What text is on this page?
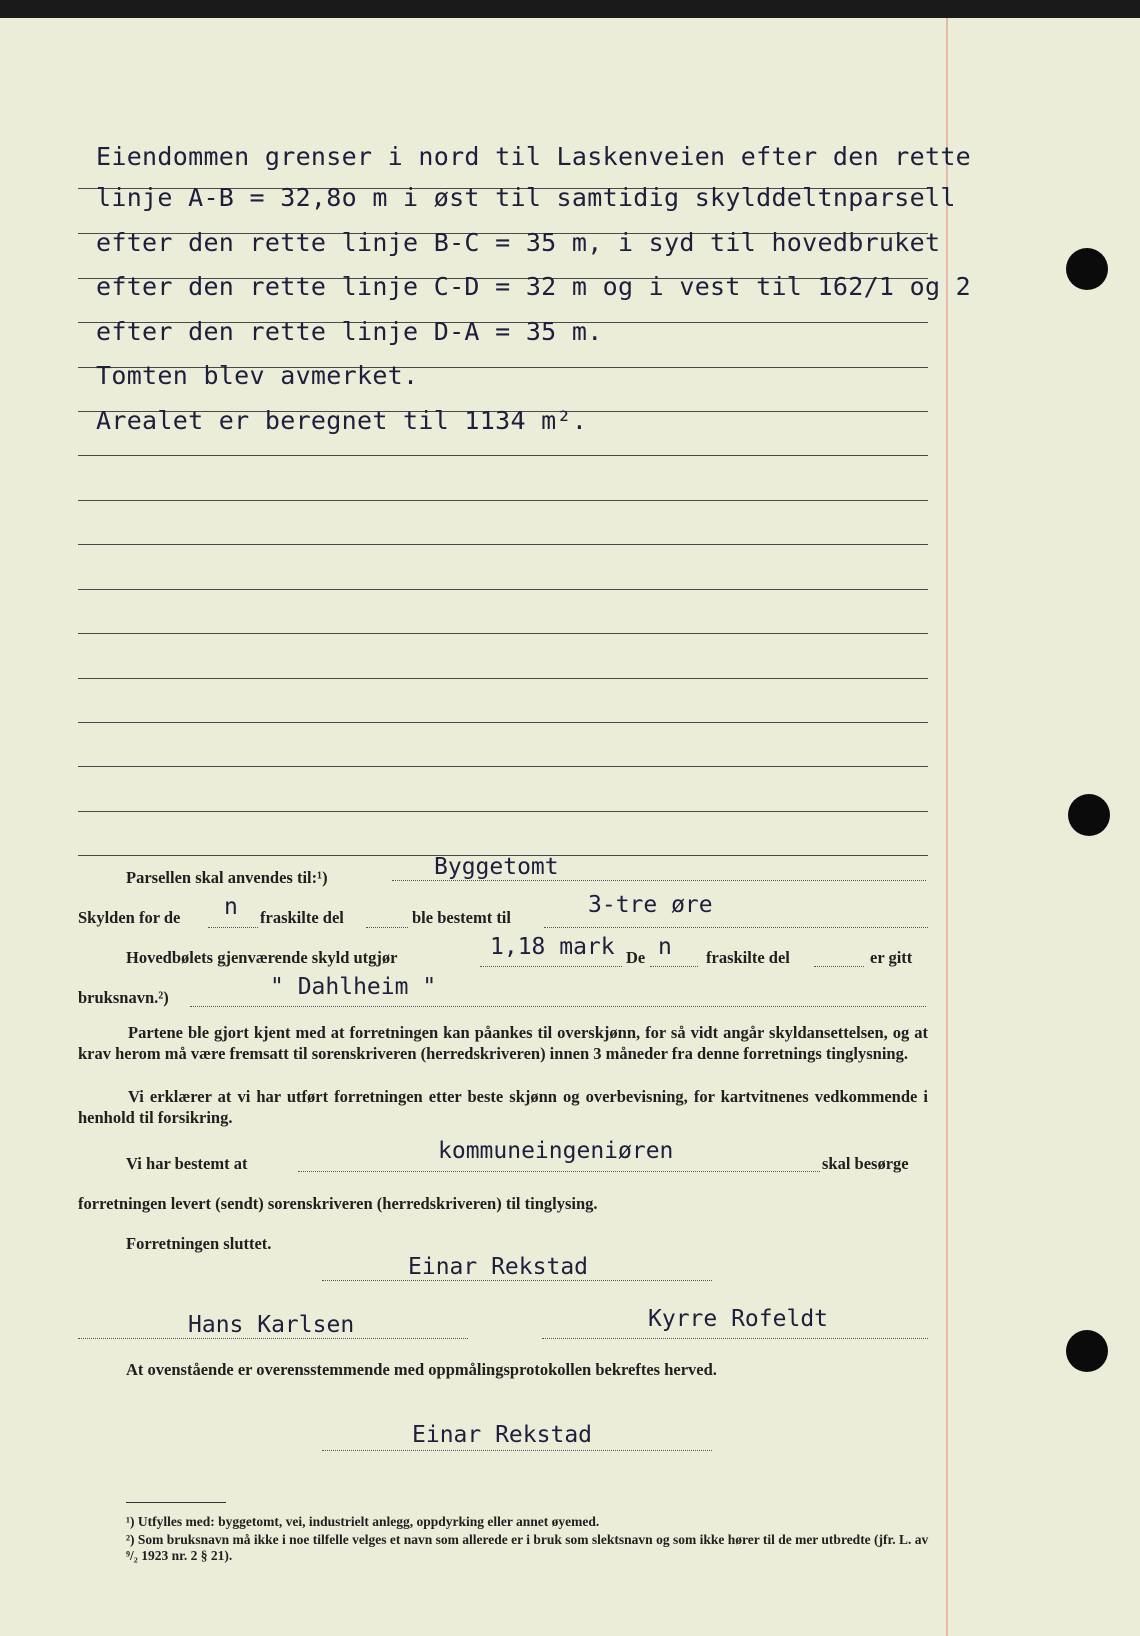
Eiendommen grenser i nord til Laskenveien efter den rette
linje A-B = 32,8o m i øst til samtidig skylddeltnparsell
efter den rette linje B-C = 35 m, i syd til hovedbruket
efter den rette linje C-D = 32 m og i vest til 162/1 og 2
efter den rette linje D-A = 35 m.
Tomten blev avmerket.
Arealet er beregnet til 1134 m².
Parsellen skal anvendes til:¹)	Byggetomt
Skylden for de n fraskilte del	ble bestemt til	3-tre øre
Hovedbølets gjenværende skyld utgjør	1,18 mark De n fraskilte del	er gitt
bruksnavn.²)	" Dahlheim "
Partene ble gjort kjent med at forretningen kan påankes til overskjønn, for så vidt angår skyldansettelsen, og at krav herom må være fremsatt til sorenskriveren (herredskriveren) innen 3 måneder fra denne forretnings tinglysning.
Vi erklærer at vi har utført forretningen etter beste skjønn og overbevisning, for kartvitnenes vedkommende i henhold til forsikring.
Vi har bestemt at	kommuneingeniøren	skal besørge
forretningen levert (sendt) sorenskriveren (herredskriveren) til tinglysing.
Forretningen sluttet.
Einar Rekstad
Hans Karlsen	Kyrre Rofeldt
At ovenstående er overensstemmende med oppmålingsprotokollen bekreftes herved.
Einar Rekstad
¹) Utfylles med: byggetomt, vei, industrielt anlegg, oppdyrking eller annet øyemed.
²) Som bruksnavn må ikke i noe tilfelle velges et navn som allerede er i bruk som slektsnavn og som ikke hører til de mer utbredte (jfr. L. av ⁹/₂ 1923 nr. 2 § 21).
